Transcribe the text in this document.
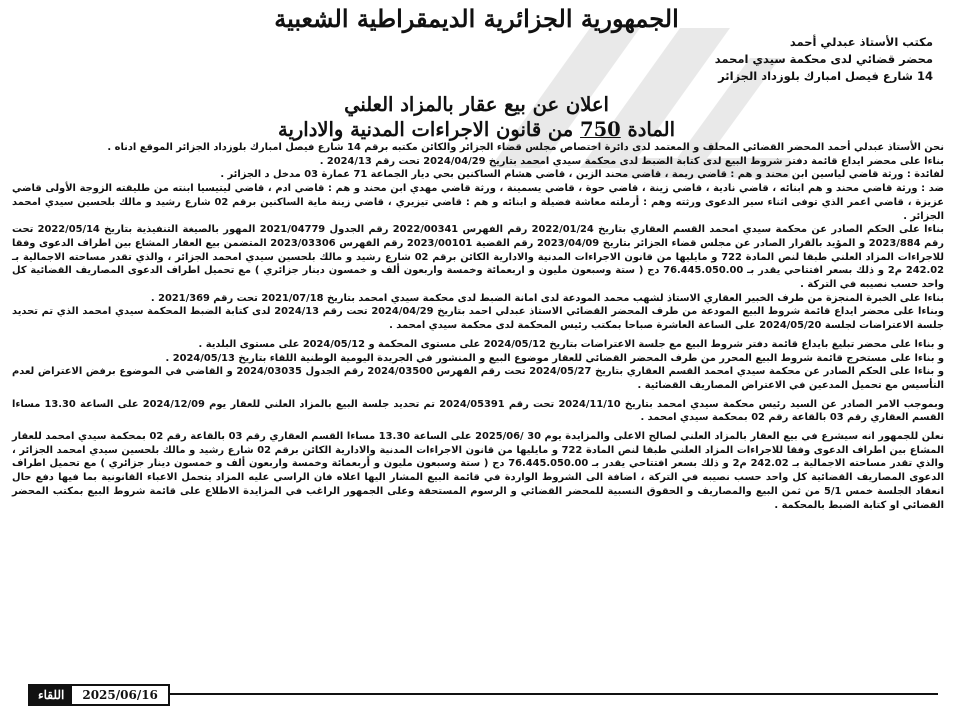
الجمهورية الجزائرية الديمقراطية الشعبية
مكتب الأستاذ عبدلي أحمد
محضر قضائي لدى محكمة سيدي امحمد
14 شارع فيصل امبارك بلوزداد الجزائر
اعلان عن بيع عقار بالمزاد العلني
المادة 750 من قانون الاجراءات المدنية والادارية

نحن الأستاذ عبدلي أحمد المحضر القضائي المحلف و المعتمد لدى دائرة اختصاص مجلس قضاء الجزائر والكائن مكتبه برقم 14 شارع فيصل امبارك بلوزداد الجزائر الموقع ادناه .

بناءا على محضر ايداع قائمة دفتر شروط البيع لدى كتابة الضبط لدى محكمة سيدي امحمد بتاريخ 2024/04/29 تحت رقم 2024/13 .

لفائدة : ورثة قاضي لياسين ابن محند و هم : قاضي ريمة ، قاضي محند الزين ، قاضي هشام الساكنين بحي ديار الجماعة 71 عمارة 03 مدخل د الجزائر .

ضد : ورثة قاضي محند و هم ابنائه ، قاضي نادية ، قاضي زينة ، قاضي حوة ، قاضي يسمينة ، ورثة قاضي مهدي ابن محند و هم : قاضي ادم ، قاضي ليتيسيا ابنته من طليقته الزوجة الأولى قاضي عزيزة ، قاضي اعمر الذي توفى اثناء سير الدعوى ورثته وهم : أرملته معاشة فضيلة و ابنائه و هم : قاضي تيزيري ، قاضي زينة ماية الساكنين برقم 02 شارع رشيد و مالك بلحسين سيدي امحمد الجزائر .

بناءا على الحكم الصادر عن محكمة سيدي امحمد القسم العقاري بتاريخ 2022/01/24 رقم الفهرس 2022/00341 رقم الجدول 2021/04779 المهور بالصيغة التنفيذية بتاريخ 2022/05/14 تحت رقم 2023/884 و المؤيد بالقرار الصادر عن مجلس قضاء الجزائر بتاريخ 2023/04/09 رقم القضية 2023/00101 رقم الفهرس 2023/03306 المتضمن بيع العقار المشاع بين اطراف الدعوى وفقا للاجراءات المزاد العلني طبقا لنص المادة 722 و مايليها من قانون الاجراءات المدنية والادارية الكائن برقم 02 شارع رشيد و مالك بلحسين سيدي امحمد الجزائر ، والذي تقدر مساحته الاجمالية بـ 242.02 م2 و ذلك بسعر افتتاحي يقدر بـ 76.445.050.00 دج ( ستة وسبعون مليون و اربعمائة وخمسة واربعون ألف و خمسون دينار جزائري ) مع تحميل اطراف الدعوى المصاريف القضائية كل واحد حسب نصيبه في التركة .

بناءا على الخبرة المنجزة من طرف الخبير العقاري الاستاذ لشهب محمد المودعة لدى امانة الضبط لدى محكمة سيدي امحمد بتاريخ 2021/07/18 تحت رقم 2021/369 .

وبناءا على محضر ايداع قائمة شروط البيع المودعة من طرف المحضر القضائي الاستاذ عبدلي احمد بتاريخ 2024/04/29 تحت رقم 2024/13 لدى كتابة الضبط المحكمة سيدي امحمد الذي تم تحديد جلسة الاعتراضات لجلسة 2024/05/20 على الساعة العاشرة صباحا بمكتب رئيس المحكمة لدى محكمة سيدي امحمد .

و بناءا على محضر تبليغ بايداع قائمة دفتر شروط البيع مع جلسة الاعتراضات بتاريخ 2024/05/12 على مستوى المحكمة و 2024/05/12 على مستوى البلدية .

و بناءا على مستخرج قائمة شروط البيع المحرر من طرف المحضر القضائي للعقار موضوع البيع و المنشور في الجريدة اليومية الوطنية اللقاء بتاريخ 2024/05/13 .

و بناءا على الحكم الصادر عن محكمة سيدي امحمد القسم العقاري بتاريخ 2024/05/27 تحت رقم الفهرس 2024/03500 رقم الجدول 2024/03035 و القاضي في الموضوع برفض الاعتراض لعدم التأسيس مع تحميل المدعين في الاعتراض المصاريف القضائية .

وبموجب الامر الصادر عن السيد رئيس محكمة سيدي امحمد بتاريخ 2024/11/10 تحت رقم 2024/05391 تم تحديد جلسة البيع بالمزاد العلني للعقار يوم 2024/12/09 على الساعة 13.30 مساءا القسم العقاري رقم 03 بالقاعة رقم 02 بمحكمة سيدي امحمد .

نعلن للجمهور انه سيشرع في بيع العقار بالمزاد العلني لصالح الاعلى والمزايدة يوم 30 /2025/06 على الساعة 13.30 مساءا القسم العقاري رقم 03 بالقاعة رقم 02 بمحكمة سيدي امحمد للعقار المشاع بين اطراف الدعوى وفقا للاجراءات المزاد العلني طبقا لنص المادة 722 و مايليها من قانون الاجراءات المدنية والادارية الكائن برقم 02 شارع رشيد و مالك بلحسين سيدي امحمد الجزائر ، والذي تقدر مساحته الاجمالية بـ 242.02 م2 و ذلك بسعر افتتاحي يقدر بـ 76.445.050.00 دج ( ستة وسبعون مليون و أربعمائة وخمسة واربعون ألف و خمسون دينار جزائري ) مع تحميل اطراف الدعوى المصاريف القضائية كل واحد حسب نصيبه في التركة ، اضافة الى الشروط الواردة في قائمة البيع المشار اليها اعلاه فان الراسي عليه المزاد يتحمل الاعباء القانونية بما فيها دفع حال انعقاد الجلسة خمس 5/1 من ثمن البيع والمصاريف و الحقوق النسبية للمحضر القضائي و الرسوم المستحقة وعلى الجمهور الراغب في المزايدة الاطلاع على قائمة شروط البيع بمكتب المحضر القضائي او كتابة الضبط بالمحكمة .

اللقاء	2025/06/16
